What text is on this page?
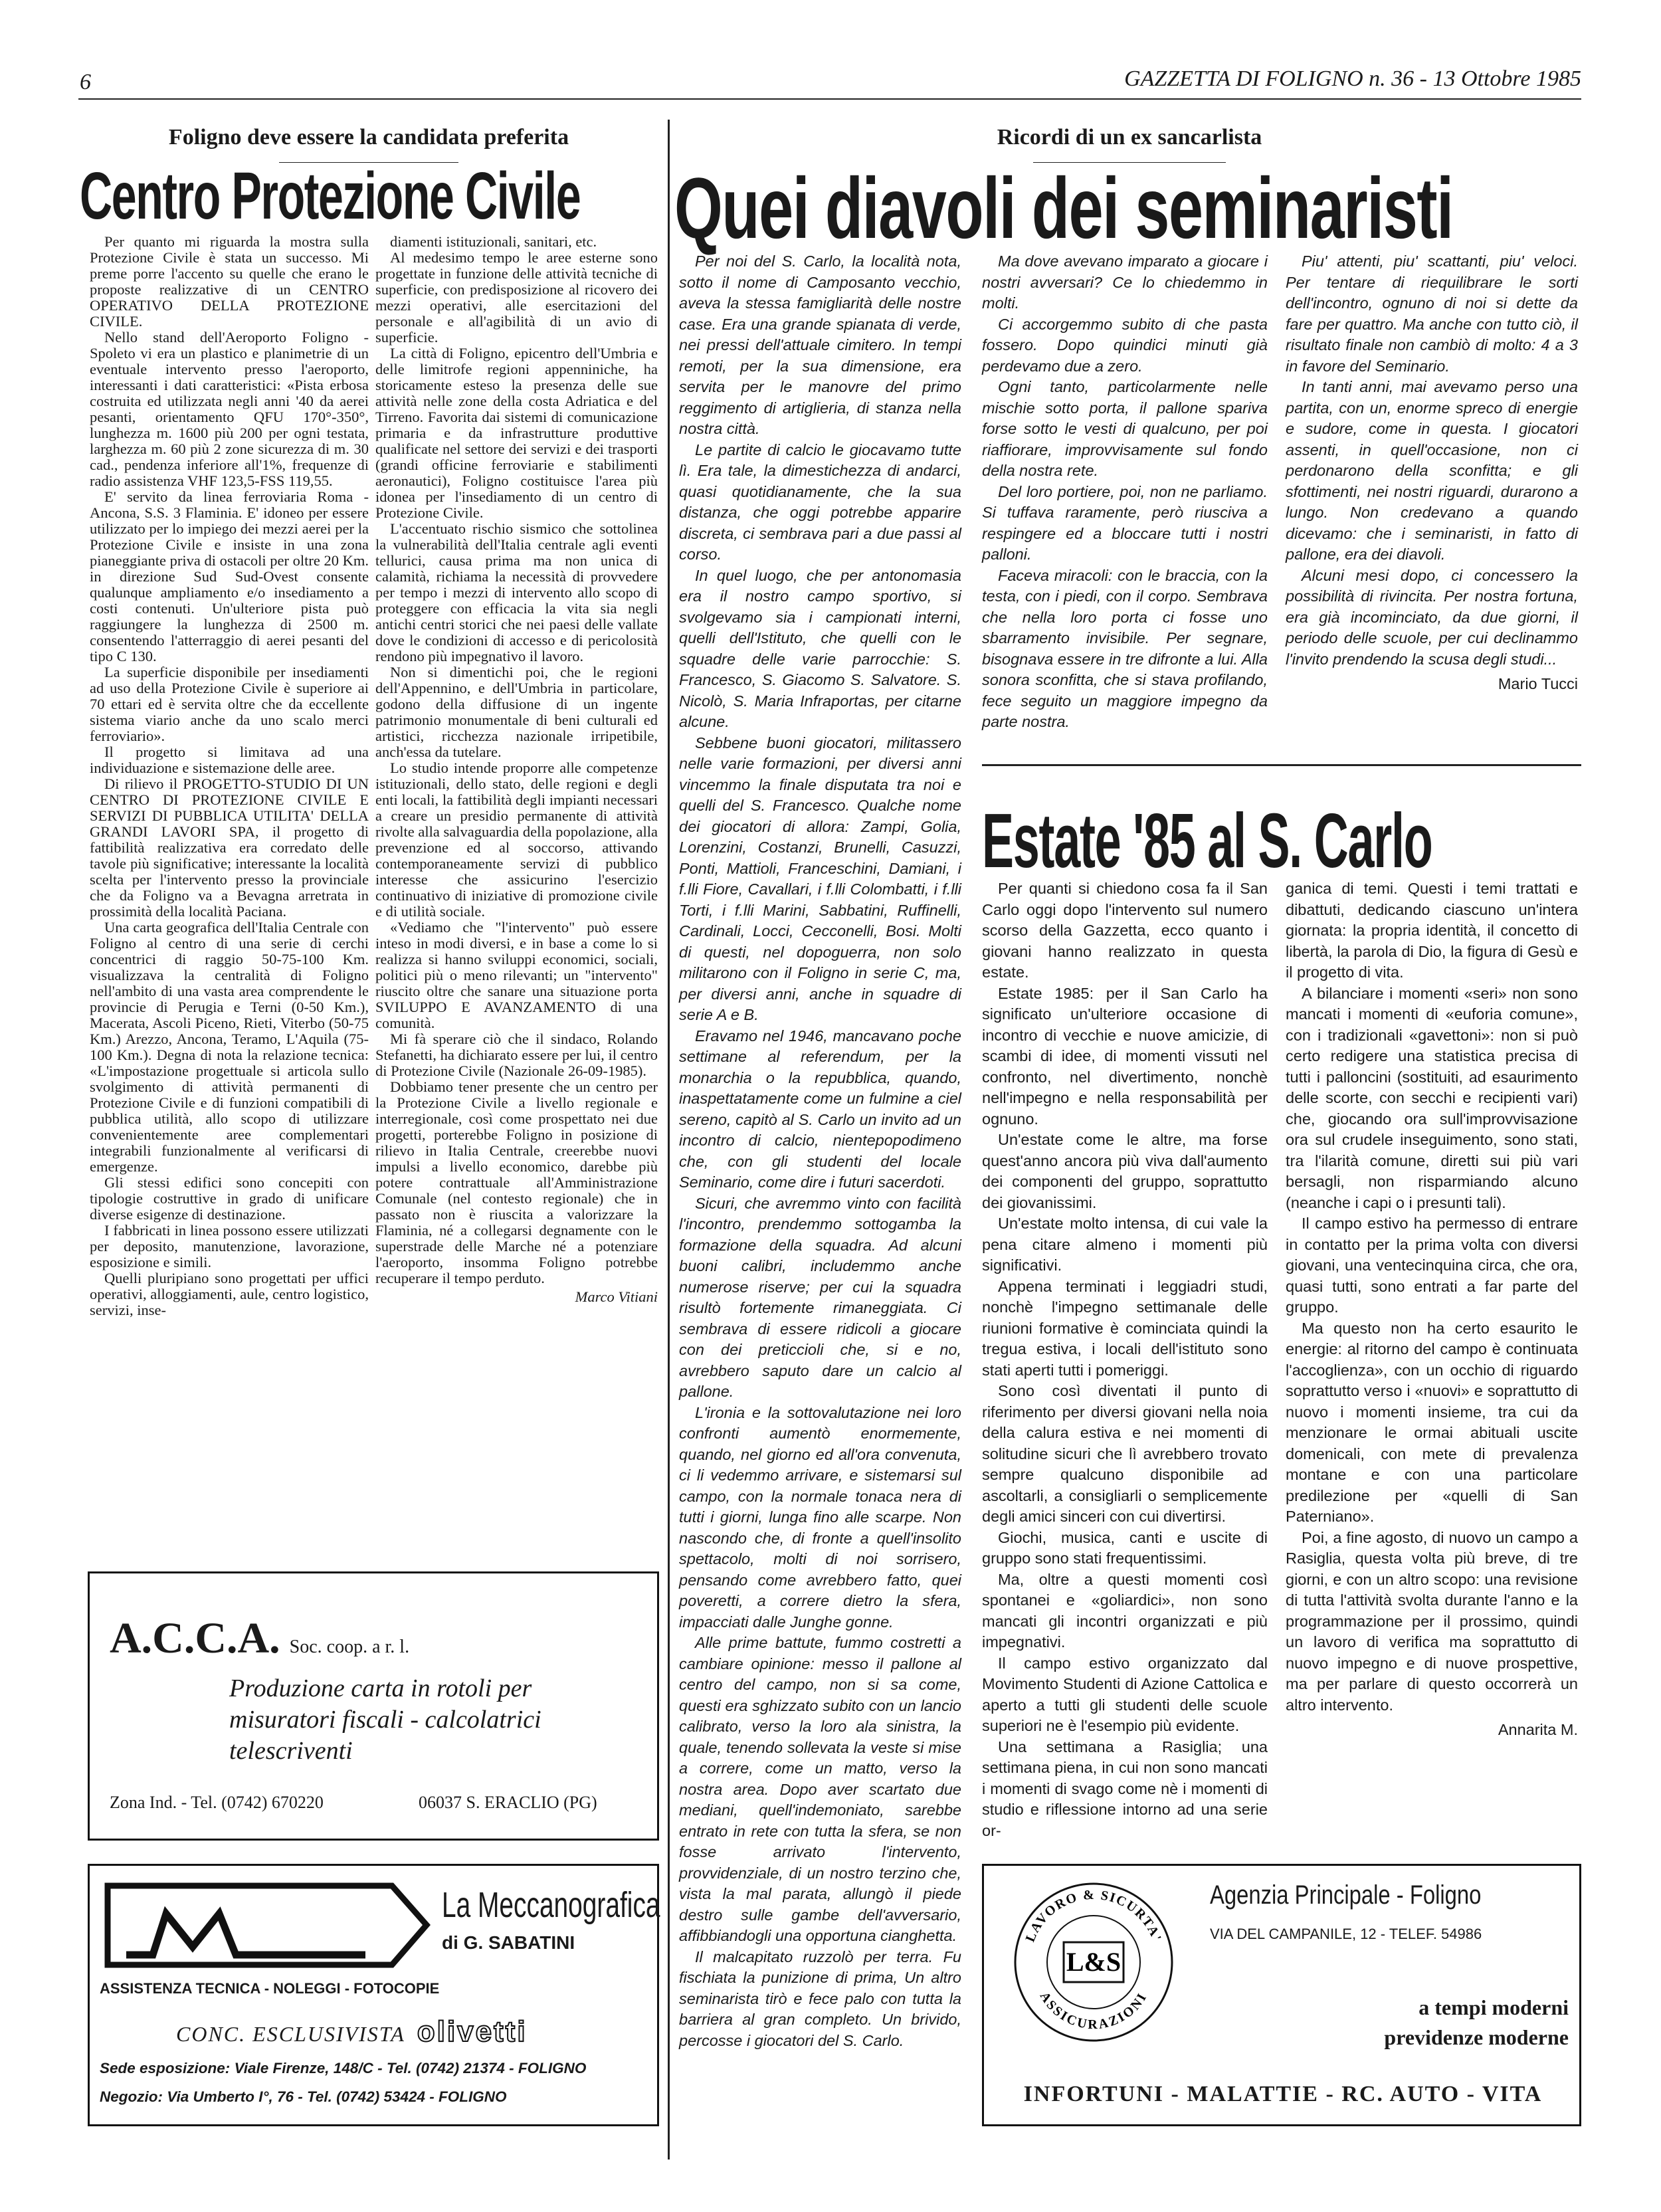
6	GAZZETTA DI FOLIGNO n. 36 - 13 Ottobre 1985
Foligno deve essere la candidata preferita
Centro Protezione Civile

Per quanto mi riguarda la mostra sulla Protezione Civile è stata un successo. Mi preme porre l'accento su quelle che erano le proposte realizzative di un CENTRO OPERATIVO DELLA PROTEZIONE CIVILE.

Nello stand dell'Aeroporto Foligno - Spoleto vi era un plastico e planimetrie di un eventuale intervento presso l'aeroporto, interessanti i dati caratteristici: «Pista erbosa costruita ed utilizzata negli anni '40 da aerei pesanti, orientamento QFU 170°-350°, lunghezza m. 1600 più 200 per ogni testata, larghezza m. 60 più 2 zone sicurezza di m. 30 cad., pendenza inferiore all'1%, frequenze di radio assistenza VHF 123,5-FSS 119,55.

E' servito da linea ferroviaria Roma - Ancona, S.S. 3 Flaminia. E' idoneo per essere utilizzato per lo impiego dei mezzi aerei per la Protezione Civile e insiste in una zona pianeggiante priva di ostacoli per oltre 20 Km. in direzione Sud Sud-Ovest consente qualunque ampliamento e/o insediamento a costi contenuti. Un'ulteriore pista può raggiungere la lunghezza di 2500 m. consentendo l'atterraggio di aerei pesanti del tipo C 130.

La superficie disponibile per insediamenti ad uso della Protezione Civile è superiore ai 70 ettari ed è servita oltre che da eccellente sistema viario anche da uno scalo merci ferroviario».

Il progetto si limitava ad una individuazione e sistemazione delle aree.

Di rilievo il PROGETTO-STUDIO DI UN CENTRO DI PROTEZIONE CIVILE E SERVIZI DI PUBBLICA UTILITA' DELLA GRANDI LAVORI SPA, il progetto di fattibilità realizzativa era corredato delle tavole più significative; interessante la località scelta per l'intervento presso la provinciale che da Foligno va a Bevagna arretrata in prossimità della località Paciana.

Una carta geografica dell'Italia Centrale con Foligno al centro di una serie di cerchi concentrici di raggio 50-75-100 Km. visualizzava la centralità di Foligno nell'ambito di una vasta area comprendente le provincie di Perugia e Terni (0-50 Km.), Macerata, Ascoli Piceno, Rieti, Viterbo (50-75 Km.) Arezzo, Ancona, Teramo, L'Aquila (75-100 Km.). Degna di nota la relazione tecnica: «L'impostazione progettuale si articola sullo svolgimento di attività permanenti di Protezione Civile e di funzioni compatibili di pubblica utilità, allo scopo di utilizzare convenientemente aree complementari integrabili funzionalmente al verificarsi di emergenze.

Gli stessi edifici sono concepiti con tipologie costruttive in grado di unificare diverse esigenze di destinazione.

I fabbricati in linea possono essere utilizzati per deposito, manutenzione, lavorazione, esposizione e simili.

Quelli pluripiano sono progettati per uffici operativi, alloggiamenti, aule, centro logistico, servizi, inse-

diamenti istituzionali, sanitari, etc.

Al medesimo tempo le aree esterne sono progettate in funzione delle attività tecniche di superficie, con predisposizione al ricovero dei mezzi operativi, alle esercitazioni del personale e all'agibilità di un avio di superficie.

La città di Foligno, epicentro dell'Umbria e delle limitrofe regioni appenniniche, ha storicamente esteso la presenza delle sue attività nelle zone della costa Adriatica e del Tirreno. Favorita dai sistemi di comunicazione primaria e da infrastrutture produttive qualificate nel settore dei servizi e dei trasporti (grandi officine ferroviarie e stabilimenti aeronautici), Foligno costituisce l'area più idonea per l'insediamento di un centro di Protezione Civile.

L'accentuato rischio sismico che sottolinea la vulnerabilità dell'Italia centrale agli eventi tellurici, causa prima ma non unica di calamità, richiama la necessità di provvedere per tempo i mezzi di intervento allo scopo di proteggere con efficacia la vita sia negli antichi centri storici che nei paesi delle vallate dove le condizioni di accesso e di pericolosità rendono più impegnativo il lavoro.

Non si dimentichi poi, che le regioni dell'Appennino, e dell'Umbria in particolare, godono della diffusione di un ingente patrimonio monumentale di beni culturali ed artistici, ricchezza nazionale irripetibile, anch'essa da tutelare.

Lo studio intende proporre alle competenze istituzionali, dello stato, delle regioni e degli enti locali, la fattibilità degli impianti necessari a creare un presidio permanente di attività rivolte alla salvaguardia della popolazione, alla prevenzione ed al soccorso, attivando contemporaneamente servizi di pubblico interesse che assicurino l'esercizio continuativo di iniziative di promozione civile e di utilità sociale.

«Vediamo che "l'intervento" può essere inteso in modi diversi, e in base a come lo si realizza si hanno sviluppi economici, sociali, politici più o meno rilevanti; un "intervento" riuscito oltre che sanare una situazione porta SVILUPPO E AVANZAMENTO di una comunità.

Mi fà sperare ciò che il sindaco, Rolando Stefanetti, ha dichiarato essere per lui, il centro di Protezione Civile (Nazionale 26-09-1985).

Dobbiamo tener presente che un centro per la Protezione Civile a livello regionale e interregionale, così come prospettato nei due progetti, porterebbe Foligno in posizione di rilievo in Italia Centrale, creerebbe nuovi impulsi a livello economico, darebbe più potere contrattuale all'Amministrazione Comunale (nel contesto regionale) che in passato non è riuscita a valorizzare la Flaminia, né a collegarsi degnamente con le superstrade delle Marche né a potenziare l'aeroporto, insomma Foligno potrebbe recuperare il tempo perduto.

Marco Vitiani
A.C.C.A. Soc. coop. a r. l.
Produzione carta in rotoli per
misuratori fiscali - calcolatrici
telescriventi
Zona Ind. - Tel. (0742) 670220	06037 S. ERACLIO (PG)
La Meccanografica
di G. SABATINI
ASSISTENZA TECNICA - NOLEGGI - FOTOCOPIE
CONC. ESCLUSIVISTA olivetti
Sede esposizione: Viale Firenze, 148/C - Tel. (0742) 21374 - FOLIGNO
Negozio: Via Umberto I°, 76 - Tel. (0742) 53424 - FOLIGNO
Ricordi di un ex sancarlista
Quei diavoli dei seminaristi

Per noi del S. Carlo, la località nota, sotto il nome di Camposanto vecchio, aveva la stessa famigliarità delle nostre case. Era una grande spianata di verde, nei pressi dell'attuale cimitero. In tempi remoti, per la sua dimensione, era servita per le manovre del primo reggimento di artiglieria, di stanza nella nostra città.

Le partite di calcio le giocavamo tutte lì. Era tale, la dimestichezza di andarci, quasi quotidianamente, che la sua distanza, che oggi potrebbe apparire discreta, ci sembrava pari a due passi al corso.

In quel luogo, che per antonomasia era il nostro campo sportivo, si svolgevamo sia i campionati interni, quelli dell'Istituto, che quelli con le squadre delle varie parrocchie: S. Francesco, S. Giacomo S. Salvatore. S. Nicolò, S. Maria Infraportas, per citarne alcune.

Sebbene buoni giocatori, militassero nelle varie formazioni, per diversi anni vincemmo la finale disputata tra noi e quelli del S. Francesco. Qualche nome dei giocatori di allora: Zampi, Golia, Lorenzini, Costanzi, Brunelli, Casuzzi, Ponti, Mattioli, Franceschini, Damiani, i f.lli Fiore, Cavallari, i f.lli Colombatti, i f.lli Torti, i f.lli Marini, Sabbatini, Ruffinelli, Cardinali, Locci, Cecconelli, Bosi. Molti di questi, nel dopoguerra, non solo militarono con il Foligno in serie C, ma, per diversi anni, anche in squadre di serie A e B.

Eravamo nel 1946, mancavano poche settimane al referendum, per la monarchia o la repubblica, quando, inaspettatamente come un fulmine a ciel sereno, capitò al S. Carlo un invito ad un incontro di calcio, nientepopodimeno che, con gli studenti del locale Seminario, come dire i futuri sacerdoti.

Sicuri, che avremmo vinto con facilità l'incontro, prendemmo sottogamba la formazione della squadra. Ad alcuni buoni calibri, includemmo anche numerose riserve; per cui la squadra risultò fortemente rimaneggiata. Ci sembrava di essere ridicoli a giocare con dei preticcioli che, si e no, avrebbero saputo dare un calcio al pallone.

L'ironia e la sottovalutazione nei loro confronti aumentò enormemente, quando, nel giorno ed all'ora convenuta, ci li vedemmo arrivare, e sistemarsi sul campo, con la normale tonaca nera di tutti i giorni, lunga fino alle scarpe. Non nascondo che, di fronte a quell'insolito spettacolo, molti di noi sorrisero, pensando come avrebbero fatto, quei poveretti, a correre dietro la sfera, impacciati dalle Junghe gonne.

Alle prime battute, fummo costretti a cambiare opinione: messo il pallone al centro del campo, non si sa come, questi era sghizzato subito con un lancio calibrato, verso la loro ala sinistra, la quale, tenendo sollevata la veste si mise a correre, come un matto, verso la nostra area. Dopo aver scartato due mediani, quell'indemoniato, sarebbe entrato in rete con tutta la sfera, se non fosse arrivato l'intervento, provvidenziale, di un nostro terzino che, vista la mal parata, allungò il piede destro sulle gambe dell'avversario, affibbiandogli una opportuna cianghetta.

Il malcapitato ruzzolò per terra. Fu fischiata la punizione di prima, Un altro seminarista tirò e fece palo con tutta la barriera al gran completo. Un brivido, percosse i giocatori del S. Carlo.

Ma dove avevano imparato a giocare i nostri avversari? Ce lo chiedemmo in molti.

Ci accorgemmo subito di che pasta fossero. Dopo quindici minuti già perdevamo due a zero.

Ogni tanto, particolarmente nelle mischie sotto porta, il pallone spariva forse sotto le vesti di qualcuno, per poi riaffiorare, improvvisamente sul fondo della nostra rete.

Del loro portiere, poi, non ne parliamo. Si tuffava raramente, però riusciva a respingere ed a bloccare tutti i nostri palloni.

Faceva miracoli: con le braccia, con la testa, con i piedi, con il corpo. Sembrava che nella loro porta ci fosse uno sbarramento invisibile. Per segnare, bisognava essere in tre difronte a lui. Alla sonora sconfitta, che si stava profilando, fece seguito un maggiore impegno da parte nostra.

Piu' attenti, piu' scattanti, piu' veloci. Per tentare di riequilibrare le sorti dell'incontro, ognuno di noi si dette da fare per quattro. Ma anche con tutto ciò, il risultato finale non cambiò di molto: 4 a 3 in favore del Seminario.

In tanti anni, mai avevamo perso una partita, con un, enorme spreco di energie e sudore, come in questa. I giocatori assenti, in quell'occasione, non ci perdonarono della sconfitta; e gli sfottimenti, nei nostri riguardi, durarono a lungo. Non credevano a quando dicevamo: che i seminaristi, in fatto di pallone, era dei diavoli.

Alcuni mesi dopo, ci concessero la possibilità di rivincita. Per nostra fortuna, era già incominciato, da due giorni, il periodo delle scuole, per cui declinammo l'invito prendendo la scusa degli studi...

Mario Tucci
Estate '85 al S. Carlo

Per quanti si chiedono cosa fa il San Carlo oggi dopo l'intervento sul numero scorso della Gazzetta, ecco quanto i giovani hanno realizzato in questa estate.

Estate 1985: per il San Carlo ha significato un'ulteriore occasione di incontro di vecchie e nuove amicizie, di scambi di idee, di momenti vissuti nel confronto, nel divertimento, nonchè nell'impegno e nella responsabilità per ognuno.

Un'estate come le altre, ma forse quest'anno ancora più viva dall'aumento dei componenti del gruppo, soprattutto dei giovanissimi.

Un'estate molto intensa, di cui vale la pena citare almeno i momenti più significativi.

Appena terminati i leggiadri studi, nonchè l'impegno settimanale delle riunioni formative è cominciata quindi la tregua estiva, i locali dell'istituto sono stati aperti tutti i pomeriggi.

Sono così diventati il punto di riferimento per diversi giovani nella noia della calura estiva e nei momenti di solitudine sicuri che lì avrebbero trovato sempre qualcuno disponibile ad ascoltarli, a consigliarli o semplicemente degli amici sinceri con cui divertirsi.

Giochi, musica, canti e uscite di gruppo sono stati frequentissimi.

Ma, oltre a questi momenti così spontanei e «goliardici», non sono mancati gli incontri organizzati e più impegnativi.

Il campo estivo organizzato dal Movimento Studenti di Azione Cattolica e aperto a tutti gli studenti delle scuole superiori ne è l'esempio più evidente.

Una settimana a Rasiglia; una settimana piena, in cui non sono mancati i momenti di svago come nè i momenti di studio e riflessione intorno ad una serie or-

ganica di temi. Questi i temi trattati e dibattuti, dedicando ciascuno un'intera giornata: la propria identità, il concetto di libertà, la parola di Dio, la figura di Gesù e il progetto di vita.

A bilanciare i momenti «seri» non sono mancati i momenti di «euforia comune», con i tradizionali «gavettoni»: non si può certo redigere una statistica precisa di tutti i palloncini (sostituiti, ad esaurimento delle scorte, con secchi e recipienti vari) che, giocando ora sull'improvvisazione ora sul crudele inseguimento, sono stati, tra l'ilarità comune, diretti sui più vari bersagli, non risparmiando alcuno (neanche i capi o i presunti tali).

Il campo estivo ha permesso di entrare in contatto per la prima volta con diversi giovani, una ventecinquina circa, che ora, quasi tutti, sono entrati a far parte del gruppo.

Ma questo non ha certo esaurito le energie: al ritorno del campo è continuata l'accoglienza», con un occhio di riguardo soprattutto verso i «nuovi» e soprattutto di nuovo i momenti insieme, tra cui da menzionare le ormai abituali uscite domenicali, con mete di prevalenza montane e con una particolare predilezione per «quelli di San Paterniano».

Poi, a fine agosto, di nuovo un campo a Rasiglia, questa volta più breve, di tre giorni, e con un altro scopo: una revisione di tutta l'attività svolta durante l'anno e la programmazione per il prossimo, quindi un lavoro di verifica ma soprattutto di nuovo impegno e di nuove prospettive, ma per parlare di questo occorrerà un altro intervento.

Annarita M.
LAVORO & SICURTA'
ASSICURAZIONI
L&S
Agenzia Principale - Foligno
VIA DEL CAMPANILE, 12 - TELEF. 54986
a tempi moderni
previdenze moderne
INFORTUNI - MALATTIE - RC. AUTO - VITA
